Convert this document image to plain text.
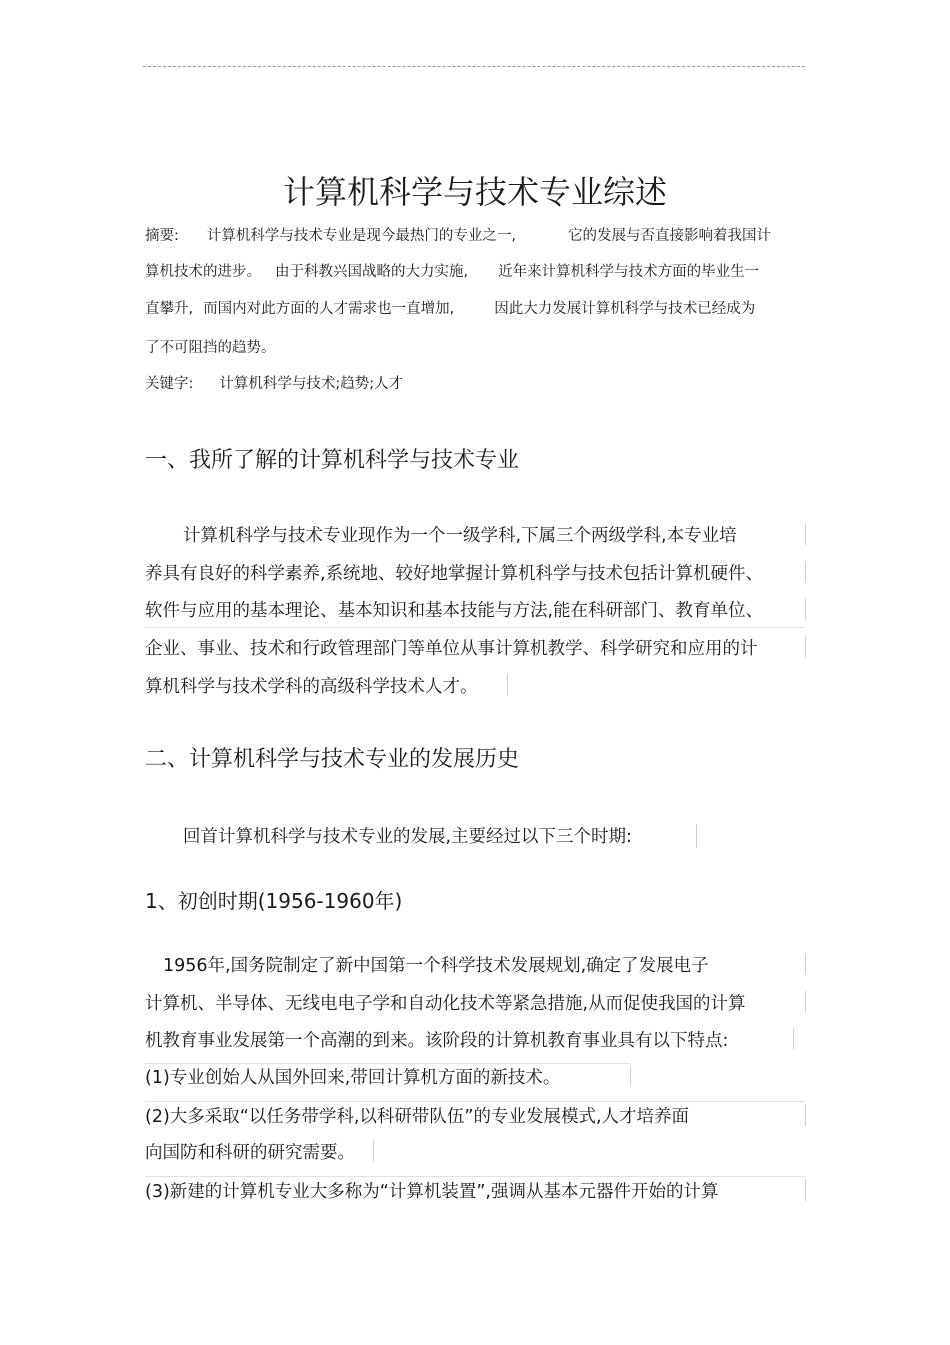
计算机科学与技术专业综述
摘要: 计算机科学与技术专业是现今最热门的专业之一,	它的发展与否直接影响着我国计
算机技术的进步。 由于科教兴国战略的大力实施, 近年来计算机科学与技术方面的毕业生一
直攀升, 而国内对此方面的人才需求也一直增加,	因此大力发展计算机科学与技术已经成为
了不可阻挡的趋势。
关键字: 计算机科学与技术;趋势;人才
一、我所了解的计算机科学与技术专业
计算机科学与技术专业现作为一个一级学科,下属三个两级学科,本专业培
养具有良好的科学素养,系统地、较好地掌握计算机科学与技术包括计算机硬件、
软件与应用的基本理论、基本知识和基本技能与方法,能在科研部门、教育单位、
企业、事业、技术和行政管理部门等单位从事计算机教学、科学研究和应用的计
算机科学与技术学科的高级科学技术人才。
二、计算机科学与技术专业的发展历史
回首计算机科学与技术专业的发展,主要经过以下三个时期:
1、初创时期(1956-1960年)
1956年,国务院制定了新中国第一个科学技术发展规划,确定了发展电子
计算机、半导体、无线电电子学和自动化技术等紧急措施,从而促使我国的计算
机教育事业发展第一个高潮的到来。该阶段的计算机教育事业具有以下特点:
(1)专业创始人从国外回来,带回计算机方面的新技术。
(2)大多采取“以任务带学科,以科研带队伍”的专业发展模式,人才培养面
向国防和科研的研究需要。
(3)新建的计算机专业大多称为“计算机装置”,强调从基本元器件开始的计算
